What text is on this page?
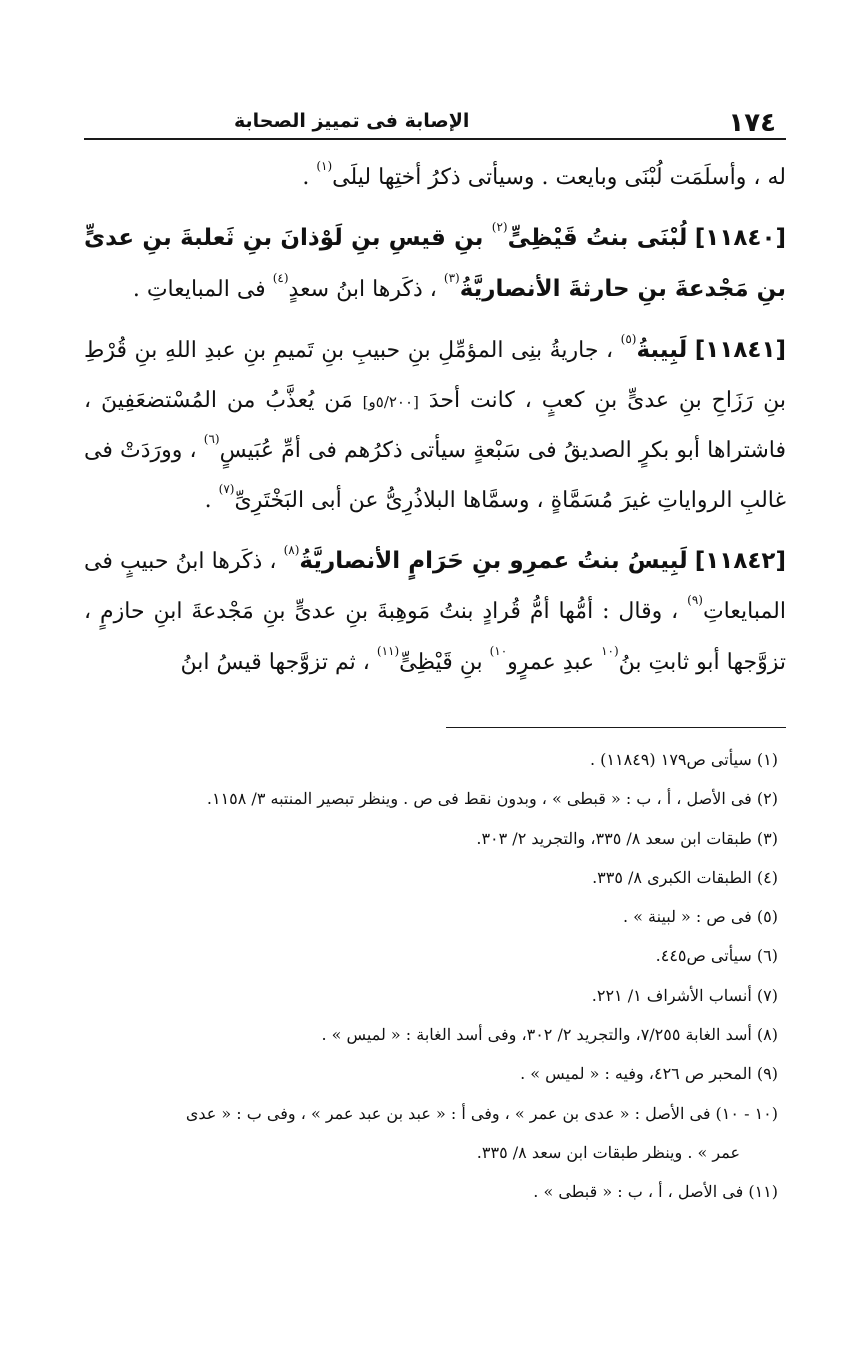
١٧٤
الإصابة فى تمييز الصحابة

له ، وأسلَمَت لُبْنَى وبايعت . وسيأتى ذكرُ أختِها ليلَى$^{(١)}$ .

[١١٨٤٠] لُبْنَى بنتُ قَيْظِىٍّ$^{(٢)}$ بنِ قيسِ بنِ لَوْذانَ بنِ ثَعلبةَ بنِ عدىٍّ بنِ مَجْدعةَ بنِ حارثةَ الأنصاريَّةُ$^{(٣)}$ ، ذكَرها ابنُ سعدٍ$^{(٤)}$ فى المبايعاتِ .

[١١٨٤١] لَبِيبةُ$^{(٥)}$ ، جاريةُ بنِى المؤمِّلِ بنِ حبيبِ بنِ تَميمِ بنِ عبدِ اللهِ بنِ قُرْطِ بنِ رَزَاحِ بنِ عدىٍّ بنِ كعبٍ ، كانت أحدَ [٥/٢٠٠و] مَن يُعذَّبُ من المُسْتضعَفِينَ ، فاشتراها أبو بكرٍ الصديقُ فى سَبْعةٍ سيأتى ذكرُهم فى أمِّ عُبَيسٍ$^{(٦)}$ ، وورَدَتْ فى غالبِ الرواياتِ غيرَ مُسَمَّاةٍ ، وسمَّاها البلاذُرِىُّ عن أبى البَخْتَرِىِّ$^{(٧)}$ .

[١١٨٤٢] لَبِيسُ بنتُ عمرِو بنِ حَرَامٍ الأنصاريَّةُ$^{(٨)}$ ، ذكَرها ابنُ حبيبٍ فى المبايعاتِ$^{(٩)}$ ، وقال : أمُّها أمُّ قُرادٍ بنتُ مَوهِبةَ بنِ عدىٍّ بنِ مَجْدعةَ ابنِ حازمٍ ، تزوَّجها أبو ثابتِ بنُ$^{(١٠}$ عبدِ عمرٍو$^{١٠)}$ بنِ قَيْظِىٍّ$^{(١١)}$ ، ثم تزوَّجها قيسُ ابنُ

(١) سيأتى ص١٧٩ (١١٨٤٩) .

(٢) فى الأصل ، أ ، ب : « قبطى » ، وبدون نقط فى ص . وينظر تبصير المنتبه ٣/ ١١٥٨.

(٣) طبقات ابن سعد ٨/ ٣٣٥، والتجريد ٢/ ٣٠٣.

(٤) الطبقات الكبرى ٨/ ٣٣٥.

(٥) فى ص : « لبينة » .

(٦) سيأتى ص٤٤٥.

(٧) أنساب الأشراف ١/ ٢٢١.

(٨) أسد الغابة ٧/٢٥٥، والتجريد ٢/ ٣٠٢، وفى أسد الغابة : « لميس » .

(٩) المحبر ص ٤٢٦، وفيه : « لميس » .

(١٠ - ١٠) فى الأصل : « عدى بن عمر » ، وفى أ : « عبد بن عبد عمر » ، وفى ب : « عدى
عمر » . وينظر طبقات ابن سعد ٨/ ٣٣٥.

(١١) فى الأصل ، أ ، ب : « قبطى » .
